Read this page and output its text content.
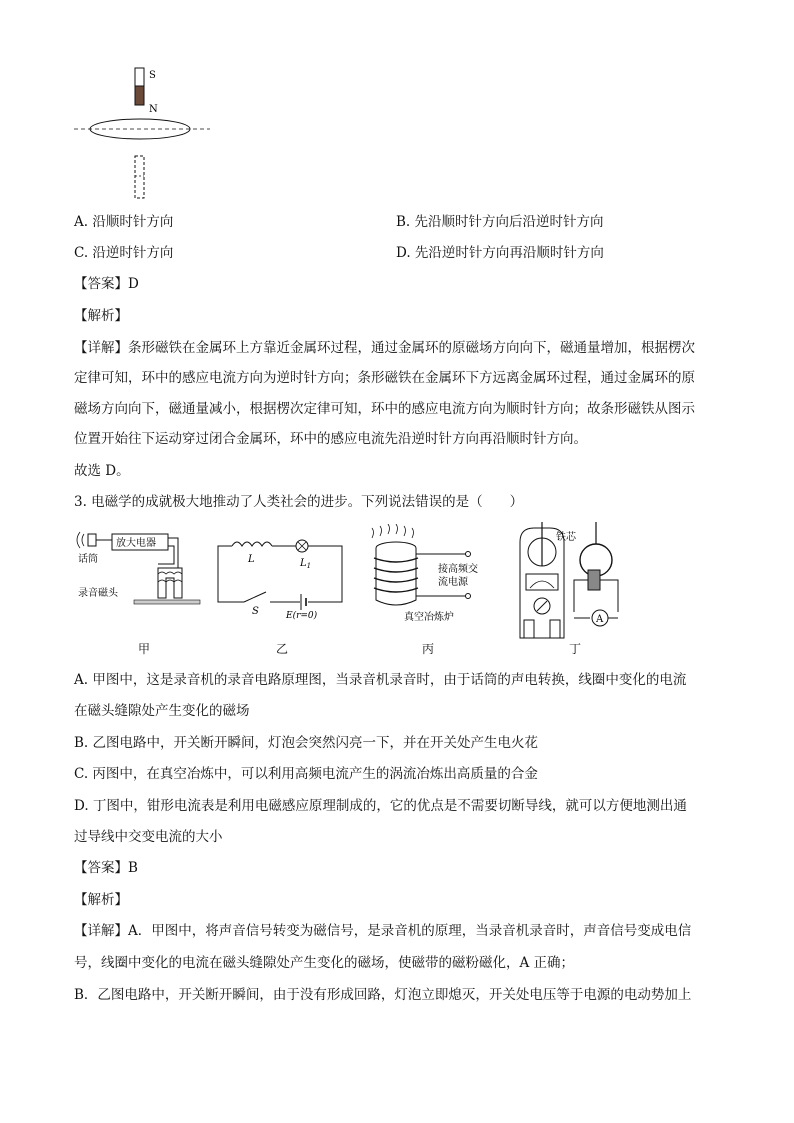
S
N
A. 沿顺时针方向	B. 先沿顺时针方向后沿逆时针方向
C. 沿逆时针方向	D. 先沿逆时针方向再沿顺时针方向
【答案】D
【解析】
【详解】条形磁铁在金属环上方靠近金属环过程，通过金属环的原磁场方向向下，磁通量增加，根据楞次
定律可知，环中的感应电流方向为逆时针方向；条形磁铁在金属环下方远离金属环过程，通过金属环的原
磁场方向向下，磁通量减小，根据楞次定律可知，环中的感应电流方向为顺时针方向；故条形磁铁从图示
位置开始往下运动穿过闭合金属环，环中的感应电流先沿逆时针方向再沿顺时针方向。
故选 D。
3. 电磁学的成就极大地推动了人类社会的进步。下列说法错误的是（　　）
放大电器
话筒
录音磁头
甲
L	$L_1$
S	E(r=0)
乙
接高频交
流电源
真空冶炼炉
丙
铁芯
A
丁
A. 甲图中，这是录音机的录音电路原理图，当录音机录音时，由于话筒的声电转换，线圈中变化的电流
在磁头缝隙处产生变化的磁场
B. 乙图电路中，开关断开瞬间，灯泡会突然闪亮一下，并在开关处产生电火花
C. 丙图中，在真空冶炼中，可以利用高频电流产生的涡流冶炼出高质量的合金
D. 丁图中，钳形电流表是利用电磁感应原理制成的，它的优点是不需要切断导线，就可以方便地测出通
过导线中交变电流的大小
【答案】B
【解析】
【详解】A．甲图中，将声音信号转变为磁信号，是录音机的原理，当录音机录音时，声音信号变成电信
号，线圈中变化的电流在磁头缝隙处产生变化的磁场，使磁带的磁粉磁化，A 正确；
B．乙图电路中，开关断开瞬间，由于没有形成回路，灯泡立即熄灭，开关处电压等于电源的电动势加上
